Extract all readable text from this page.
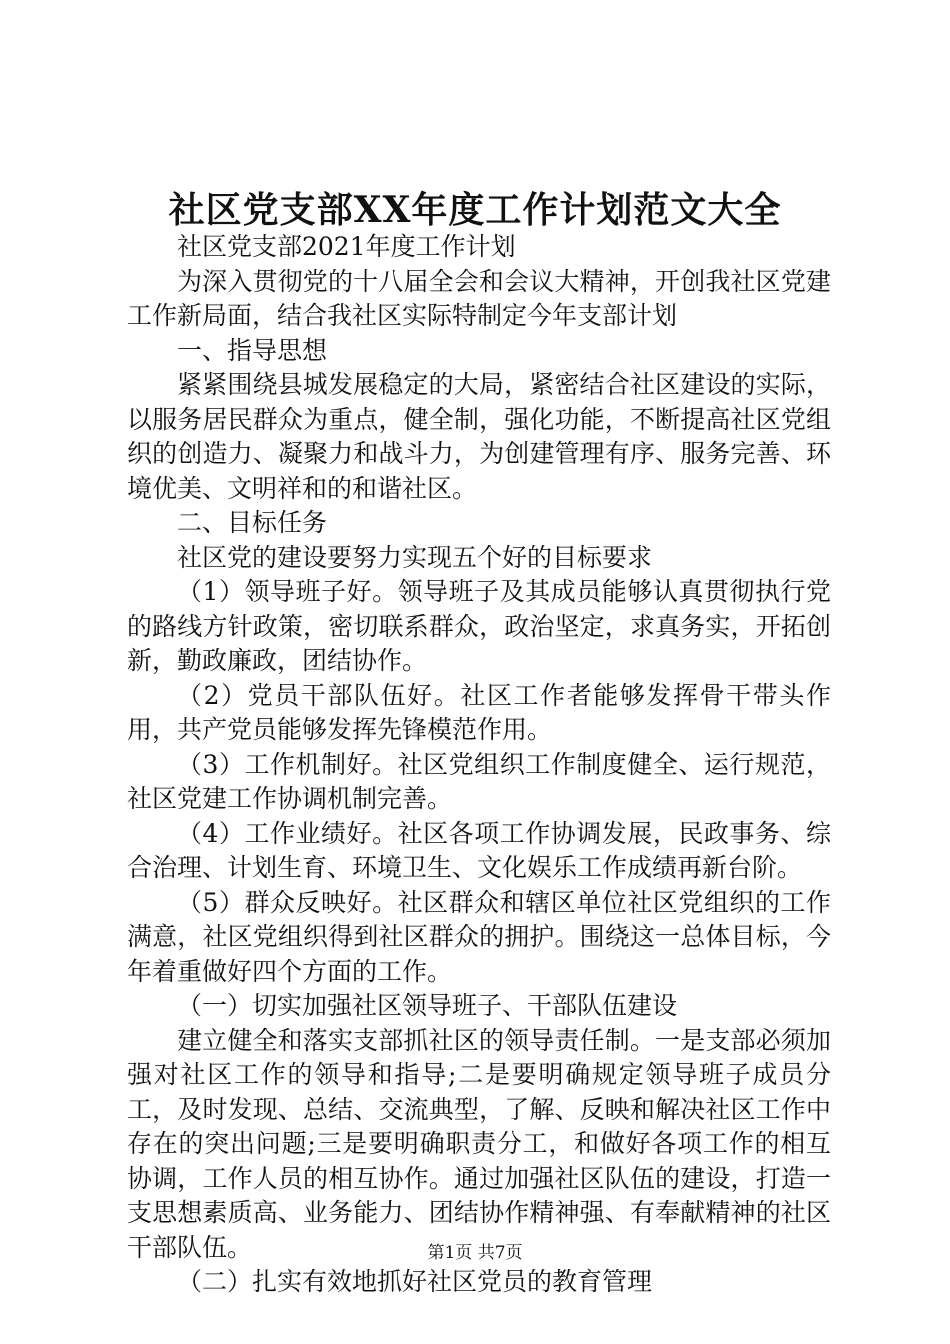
社区党支部XX年度工作计划范文大全

社区党支部2021年度工作计划

为深入贯彻党的十八届全会和会议大精神，开创我社区党建工作新局面，结合我社区实际特制定今年支部计划

一、指导思想

紧紧围绕县城发展稳定的大局，紧密结合社区建设的实际，以服务居民群众为重点，健全制，强化功能，不断提高社区党组织的创造力、凝聚力和战斗力，为创建管理有序、服务完善、环境优美、文明祥和的和谐社区。

二、目标任务

社区党的建设要努力实现五个好的目标要求

（1）领导班子好。领导班子及其成员能够认真贯彻执行党的路线方针政策，密切联系群众，政治坚定，求真务实，开拓创新，勤政廉政，团结协作。

（2）党员干部队伍好。社区工作者能够发挥骨干带头作用，共产党员能够发挥先锋模范作用。

（3）工作机制好。社区党组织工作制度健全、运行规范，社区党建工作协调机制完善。

（4）工作业绩好。社区各项工作协调发展，民政事务、综合治理、计划生育、环境卫生、文化娱乐工作成绩再新台阶。

（5）群众反映好。社区群众和辖区单位社区党组织的工作满意，社区党组织得到社区群众的拥护。围绕这一总体目标，今年着重做好四个方面的工作。

（一）切实加强社区领导班子、干部队伍建设

建立健全和落实支部抓社区的领导责任制。一是支部必须加强对社区工作的领导和指导;二是要明确规定领导班子成员分工，及时发现、总结、交流典型，了解、反映和解决社区工作中存在的突出问题;三是要明确职责分工，和做好各项工作的相互协调，工作人员的相互协作。通过加强社区队伍的建设，打造一支思想素质高、业务能力、团结协作精神强、有奉献精神的社区干部队伍。

（二）扎实有效地抓好社区党员的教育管理

第1页 共7页
